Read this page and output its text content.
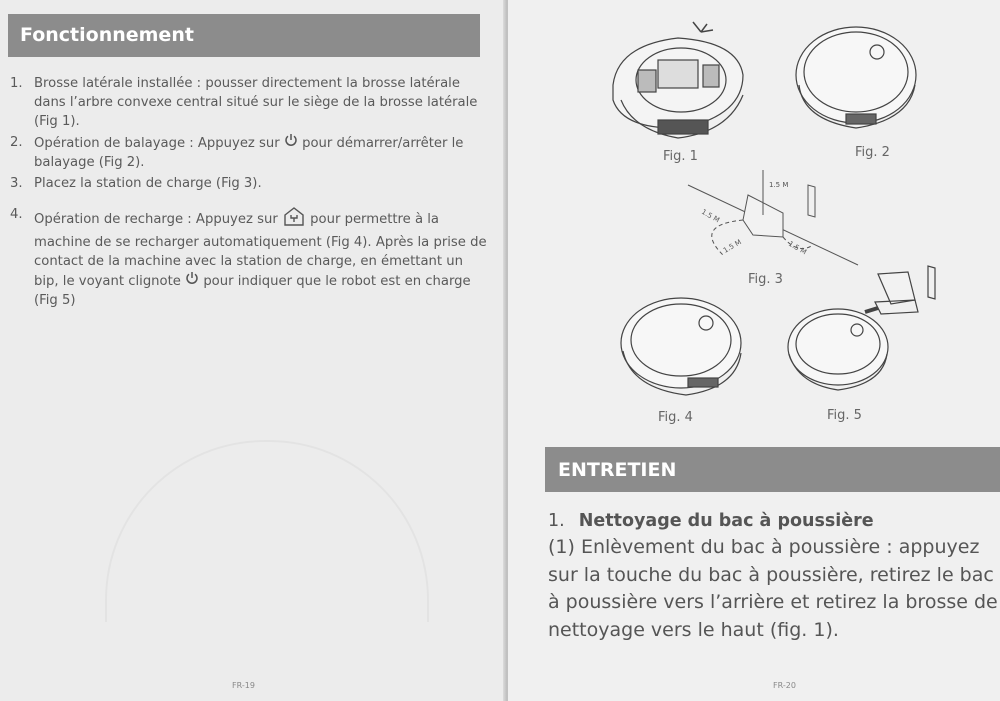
Fonctionnement
1. Brosse latérale installée : pousser directement la brosse latérale dans l’arbre convexe central situé sur le siège de la brosse latérale (Fig 1).
2. Opération de balayage : Appuyez sur pour démarrer/arrêter le balayage (Fig 2).
3. Placez la station de charge (Fig 3).
4. Opération de recharge : Appuyez sur pour permettre à la machine de se recharger automatiquement (Fig 4). Après la prise de contact de la machine avec la station de charge, en émettant un bip, le voyant clignote pour indiquer que le robot est en charge (Fig 5)
FR-19
1.5 M
1.5 M
1.5 M	1.5 M
Fig. 1	Fig. 2
Fig. 3
Fig. 4	Fig. 5
ENTRETIEN
1. Nettoyage du bac à poussière
(1) Enlèvement du bac à poussière : appuyez sur la touche du bac à poussière, retirez le bac à poussière vers l’arrière et retirez la brosse de nettoyage vers le haut (fig. 1).
FR-20
